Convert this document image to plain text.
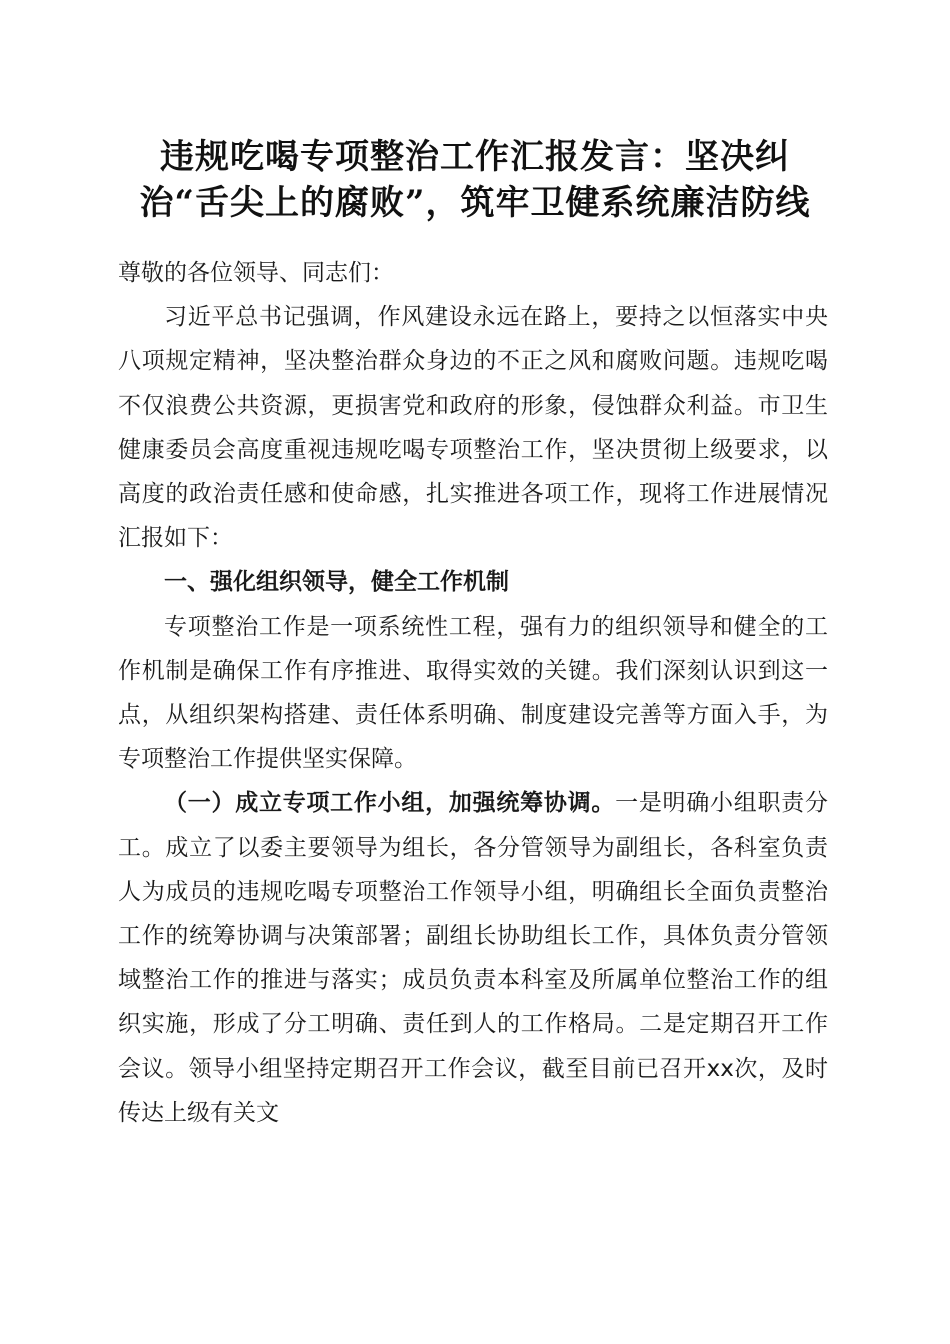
违规吃喝专项整治工作汇报发言：坚决纠
治“舌尖上的腐败”，筑牢卫健系统廉洁防线

尊敬的各位领导、同志们：

习近平总书记强调，作风建设永远在路上，要持之以恒落实中央八项规定精神，坚决整治群众身边的不正之风和腐败问题。违规吃喝不仅浪费公共资源，更损害党和政府的形象，侵蚀群众利益。市卫生健康委员会高度重视违规吃喝专项整治工作，坚决贯彻上级要求，以高度的政治责任感和使命感，扎实推进各项工作，现将工作进展情况汇报如下：

一、强化组织领导，健全工作机制

专项整治工作是一项系统性工程，强有力的组织领导和健全的工作机制是确保工作有序推进、取得实效的关键。我们深刻认识到这一点，从组织架构搭建、责任体系明确、制度建设完善等方面入手，为专项整治工作提供坚实保障。

（一）成立专项工作小组，加强统筹协调。一是明确小组职责分工。成立了以委主要领导为组长，各分管领导为副组长，各科室负责人为成员的违规吃喝专项整治工作领导小组，明确组长全面负责整治工作的统筹协调与决策部署；副组长协助组长工作，具体负责分管领域整治工作的推进与落实；成员负责本科室及所属单位整治工作的组织实施，形成了分工明确、责任到人的工作格局。二是定期召开工作会议。领导小组坚持定期召开工作会议，截至目前已召开xx次，及时传达上级有关文
